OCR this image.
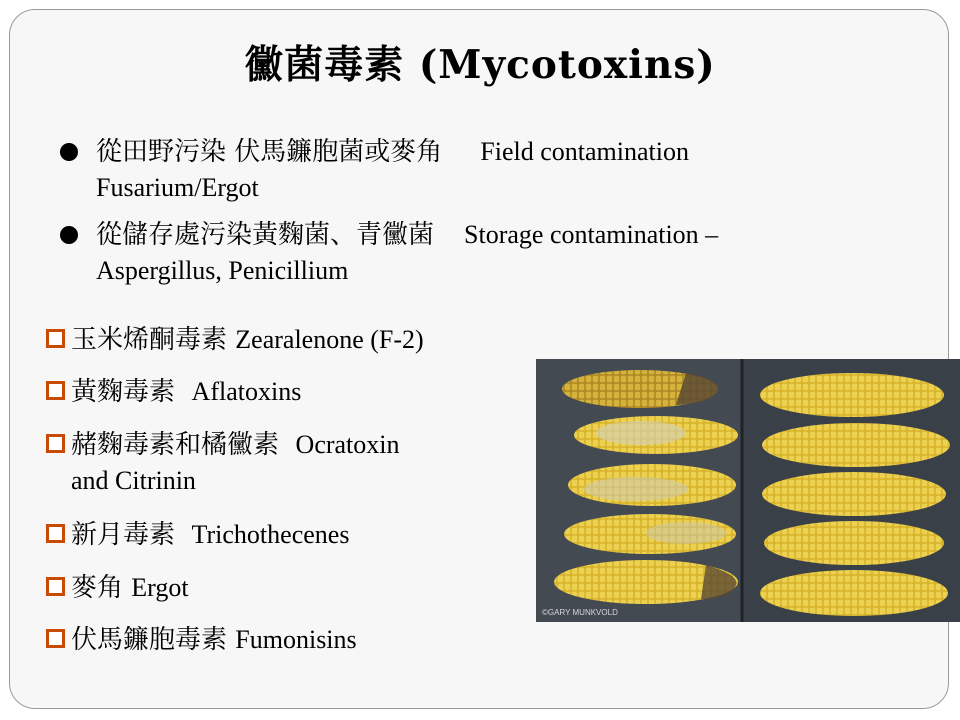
黴菌毒素 (Mycotoxins)
從田野污染 伏馬鐮胞菌或麥角 Field contamination
Fusarium/Ergot
從儲存處污染黃麴菌、青黴菌 Storage contamination –
Aspergillus, Penicillium
玉米烯酮毒素 Zearalenone (F-2)
黃麴毒素 Aflatoxins
赭麴毒素和橘黴素 Ocratoxin
and Citrinin
新月毒素 Trichothecenes
麥角 Ergot
伏馬鐮胞毒素 Fumonisins
©GARY MUNKVOLD
